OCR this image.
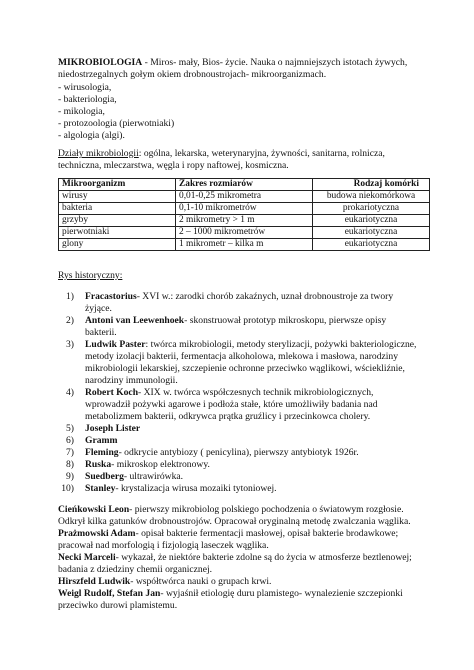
MIKROBIOLOGIA - Miros- mały, Bios- życie. Nauka o najmniejszych istotach żywych,
niedostrzegalnych gołym okiem drobnoustrojach- mikroorganizmach.
- wirusologia,
- bakteriologia,
- mikologia,
- protozoologia (pierwotniaki)
- algologia (algi).
Działy mikrobiologii: ogólna, lekarska, weterynaryjna, żywności, sanitarna, rolnicza,
techniczna, mleczarstwa, węgla i ropy naftowej, kosmiczna.
Mikroorganizm	Zakres rozmiarów	Rodzaj komórki
wirusy	0,01-0,25 mikrometra	budowa niekomórkowa
bakteria	0,1-10 mikrometrów	prokariotyczna
grzyby	2 mikrometry > 1 m	eukariotyczna
pierwotniaki	2 – 1000 mikrometrów	eukariotyczna
glony	1 mikrometr – kilka m	eukariotyczna
Rys historyczny:
1) Fracastorius- XVI w.: zarodki chorób zakaźnych, uznał drobnoustroje za twory
żyjące.
2) Antoni van Leewenhoek- skonstruował prototyp mikroskopu, pierwsze opisy
bakterii.
3) Ludwik Paster: twórca mikrobiologii, metody sterylizacji, pożywki bakteriologiczne,
metody izolacji bakterii, fermentacja alkoholowa, mlekowa i masłowa, narodziny
mikrobiologii lekarskiej, szczepienie ochronne przeciwko wąglikowi, wściekliźnie,
narodziny immunologii.
4) Robert Koch- XIX w. twórca współczesnych technik mikrobiologicznych,
wprowadził pożywki agarowe i podłoża stałe, które umożliwiły badania nad
metabolizmem bakterii, odkrywca prątka gruźlicy i przecinkowca cholery.
5) Joseph Lister
6) Gramm
7) Fleming- odkrycie antybiozy ( penicylina), pierwszy antybiotyk 1926r.
8) Ruska- mikroskop elektronowy.
9) Suedberg- ultrawirówka.
10) Stanley- krystalizacja wirusa mozaiki tytoniowej.
Cieńkowski Leon- pierwszy mikrobiolog polskiego pochodzenia o światowym rozgłosie.
Odkrył kilka gatunków drobnoustrojów. Opracował oryginalną metodę zwalczania wąglika.
Prażmowski Adam- opisał bakterie fermentacji masłowej, opisał bakterie brodawkowe;
pracował nad morfologią i fizjologią laseczek wąglika.
Necki Marceli- wykazał, że niektóre bakterie zdolne są do życia w atmosferze beztlenowej;
badania z dziedziny chemii organicznej.
Hirszfeld Ludwik- współtwórca nauki o grupach krwi.
Weigl Rudolf, Stefan Jan- wyjaśnił etiologię duru plamistego- wynalezienie szczepionki
przeciwko durowi plamistemu.
